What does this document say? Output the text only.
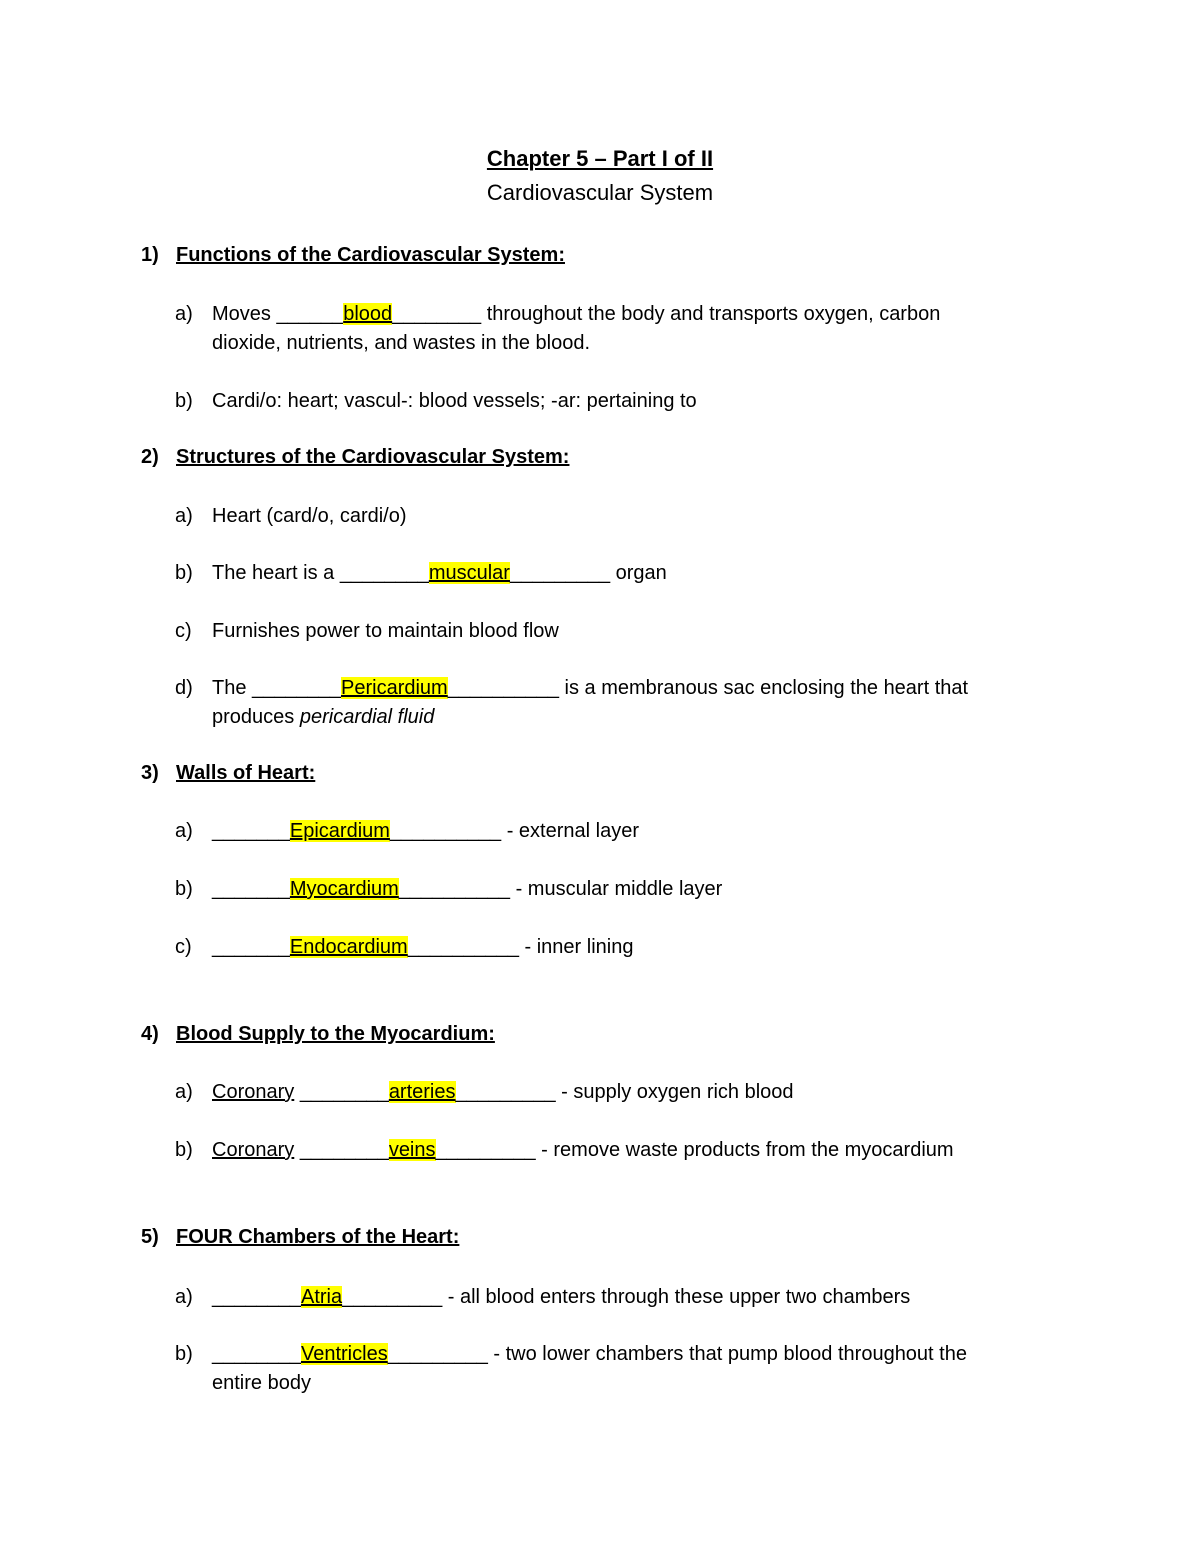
Chapter 5 – Part I of II
Cardiovascular System
1) Functions of the Cardiovascular System:
a) Moves ______blood________ throughout the body and transports oxygen, carbon
dioxide, nutrients, and wastes in the blood.
b) Cardi/o: heart; vascul-: blood vessels; -ar: pertaining to
2) Structures of the Cardiovascular System:
a) Heart (card/o, cardi/o)
b) The heart is a ________muscular_________ organ
c) Furnishes power to maintain blood flow
d) The ________Pericardium__________ is a membranous sac enclosing the heart that
produces pericardial fluid
3) Walls of Heart:
a) _______Epicardium__________ - external layer
b) _______Myocardium__________ - muscular middle layer
c) _______Endocardium__________ - inner lining
4) Blood Supply to the Myocardium:
a) Coronary ________arteries_________ - supply oxygen rich blood
b) Coronary ________veins_________ - remove waste products from the myocardium
5) FOUR Chambers of the Heart:
a) ________Atria_________ - all blood enters through these upper two chambers
b) ________Ventricles_________ - two lower chambers that pump blood throughout the
entire body
